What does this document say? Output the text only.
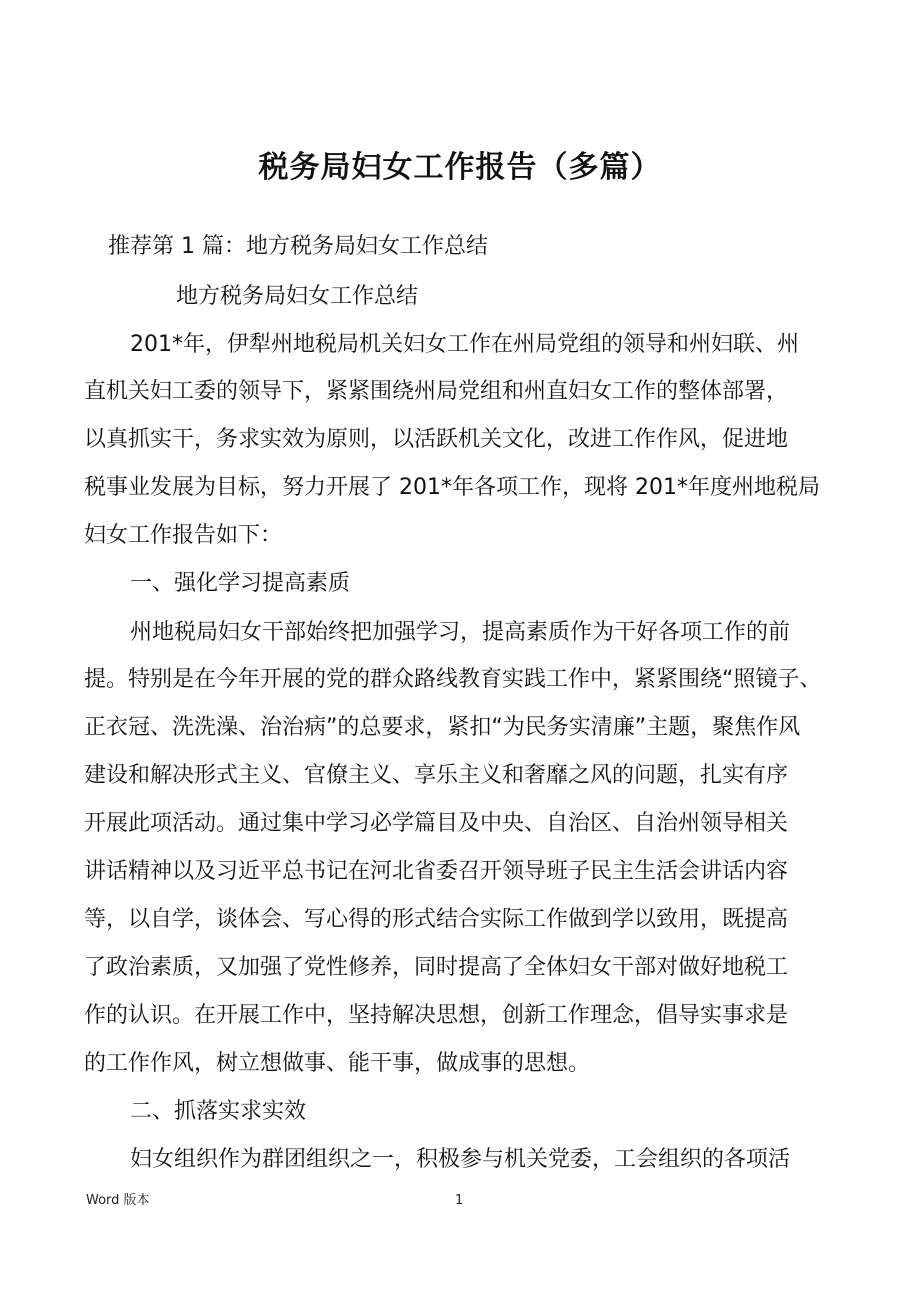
税务局妇女工作报告（多篇）
推荐第 1 篇：地方税务局妇女工作总结
地方税务局妇女工作总结
201*年，伊犁州地税局机关妇女工作在州局党组的领导和州妇联、州
直机关妇工委的领导下，紧紧围绕州局党组和州直妇女工作的整体部署，
以真抓实干，务求实效为原则，以活跃机关文化，改进工作作风，促进地
税事业发展为目标，努力开展了 201*年各项工作，现将 201*年度州地税局
妇女工作报告如下：
一、强化学习提高素质
州地税局妇女干部始终把加强学习，提高素质作为干好各项工作的前
提。特别是在今年开展的党的群众路线教育实践工作中，紧紧围绕“照镜子、
正衣冠、洗洗澡、治治病”的总要求，紧扣“为民务实清廉”主题，聚焦作风
建设和解决形式主义、官僚主义、享乐主义和奢靡之风的问题，扎实有序
开展此项活动。通过集中学习必学篇目及中央、自治区、自治州领导相关
讲话精神以及习近平总书记在河北省委召开领导班子民主生活会讲话内容
等，以自学，谈体会、写心得的形式结合实际工作做到学以致用，既提高
了政治素质，又加强了党性修养，同时提高了全体妇女干部对做好地税工
作的认识。在开展工作中，坚持解决思想，创新工作理念，倡导实事求是
的工作作风，树立想做事、能干事，做成事的思想。
二、抓落实求实效
妇女组织作为群团组织之一，积极参与机关党委，工会组织的各项活
Word 版本	1
